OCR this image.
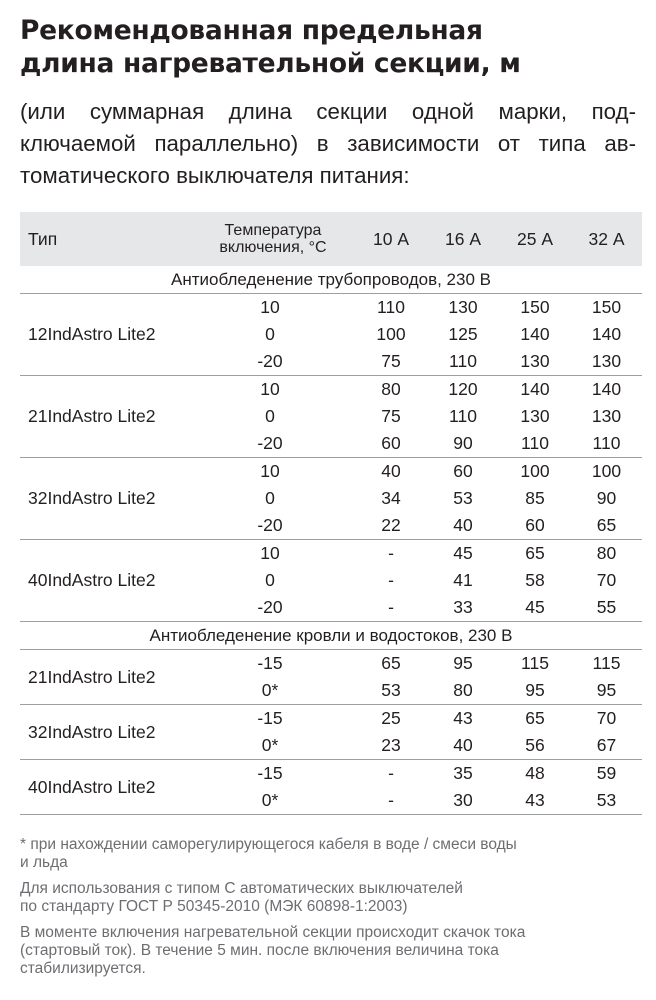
Рекомендованная предельная
длина нагревательной секции, м
(или суммарная длина секции одной марки, под-
ключаемой параллельно) в зависимости от типа ав-
томатического выключателя питания:
Тип	Температура
включения, °С	10 А	16 А	25 А	32 А
Антиобледенение трубопроводов, 230 В					
12IndAstro Lite2	10	110	130	150	150
	0	100	125	140	140
	-20	75	110	130	130
21IndAstro Lite2	10	80	120	140	140
	0	75	110	130	130
	-20	60	90	110	110
32IndAstro Lite2	10	40	60	100	100
	0	34	53	85	90
	-20	22	40	60	65
40IndAstro Lite2	10	-	45	65	80
	0	-	41	58	70
	-20	-	33	45	55
Антиобледенение кровли и водостоков, 230 В					
21IndAstro Lite2	-15	65	95	115	115
	0*	53	80	95	95
32IndAstro Lite2	-15	25	43	65	70
	0*	23	40	56	67
40IndAstro Lite2	-15	-	35	48	59
	0*	-	30	43	53

* при нахождении саморегулирующегося кабеля в воде / смеси воды
и льда

Для использования с типом С автоматических выключателей
по стандарту ГОСТ Р 50345-2010 (МЭК 60898-1:2003)

В моменте включения нагревательной секции происходит скачок тока
(стартовый ток). В течение 5 мин. после включения величина тока
стабилизируется.
